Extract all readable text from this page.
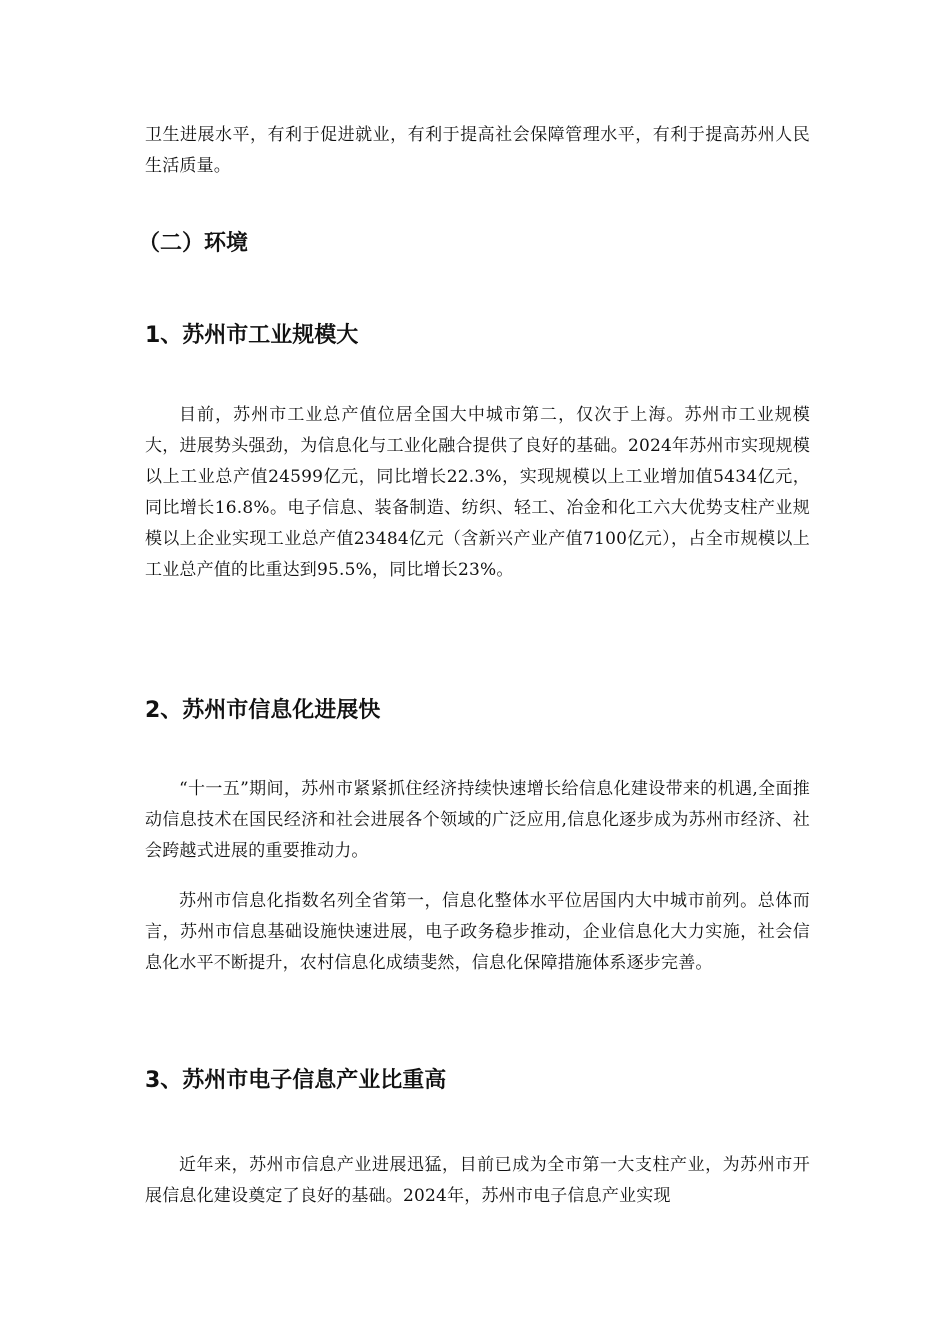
卫生进展水平，有利于促进就业，有利于提高社会保障管理水平，有利于提高苏州人民生活质量。

（二）环境
1、苏州市工业规模大

目前，苏州市工业总产值位居全国大中城市第二，仅次于上海。苏州市工业规模大，进展势头强劲，为信息化与工业化融合提供了良好的基础。2024年苏州市实现规模以上工业总产值24599亿元，同比增长22.3%，实现规模以上工业增加值5434亿元，同比增长16.8%。电子信息、装备制造、纺织、轻工、冶金和化工六大优势支柱产业规模以上企业实现工业总产值23484亿元（含新兴产业产值7100亿元），占全市规模以上工业总产值的比重达到95.5%，同比增长23%。

2、苏州市信息化进展快

“十一五”期间，苏州市紧紧抓住经济持续快速增长给信息化建设带来的机遇,全面推动信息技术在国民经济和社会进展各个领域的广泛应用,信息化逐步成为苏州市经济、社会跨越式进展的重要推动力。

苏州市信息化指数名列全省第一，信息化整体水平位居国内大中城市前列。总体而言，苏州市信息基础设施快速进展，电子政务稳步推动，企业信息化大力实施，社会信息化水平不断提升，农村信息化成绩斐然，信息化保障措施体系逐步完善。

3、苏州市电子信息产业比重高

近年来，苏州市信息产业进展迅猛，目前已成为全市第一大支柱产业，为苏州市开展信息化建设奠定了良好的基础。2024年，苏州市电子信息产业实现
